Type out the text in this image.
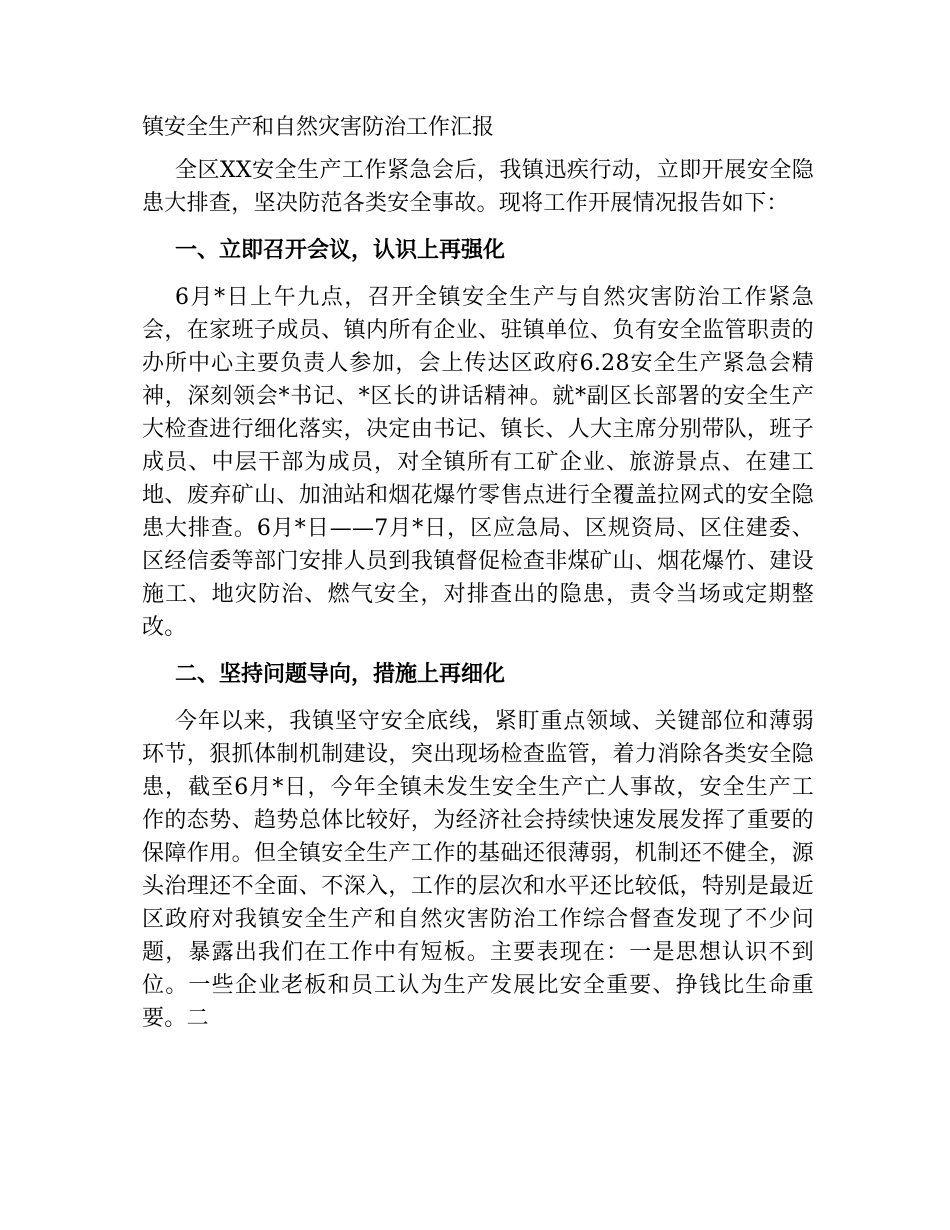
镇安全生产和自然灾害防治工作汇报

全区XX安全生产工作紧急会后，我镇迅疾行动，立即开展安全隐患大排查，坚决防范各类安全事故。现将工作开展情况报告如下：

一、立即召开会议，认识上再强化

6月*日上午九点，召开全镇安全生产与自然灾害防治工作紧急会，在家班子成员、镇内所有企业、驻镇单位、负有安全监管职责的办所中心主要负责人参加，会上传达区政府6.28安全生产紧急会精神，深刻领会*书记、*区长的讲话精神。就*副区长部署的安全生产大检查进行细化落实，决定由书记、镇长、人大主席分别带队，班子成员、中层干部为成员，对全镇所有工矿企业、旅游景点、在建工地、废弃矿山、加油站和烟花爆竹零售点进行全覆盖拉网式的安全隐患大排查。6月*日——7月*日，区应急局、区规资局、区住建委、区经信委等部门安排人员到我镇督促检查非煤矿山、烟花爆竹、建设施工、地灾防治、燃气安全，对排查出的隐患，责令当场或定期整改。

二、坚持问题导向，措施上再细化

今年以来，我镇坚守安全底线，紧盯重点领域、关键部位和薄弱环节，狠抓体制机制建设，突出现场检查监管，着力消除各类安全隐患，截至6月*日，今年全镇未发生安全生产亡人事故，安全生产工作的态势、趋势总体比较好，为经济社会持续快速发展发挥了重要的保障作用。但全镇安全生产工作的基础还很薄弱，机制还不健全，源头治理还不全面、不深入，工作的层次和水平还比较低，特别是最近区政府对我镇安全生产和自然灾害防治工作综合督查发现了不少问题，暴露出我们在工作中有短板。主要表现在：一是思想认识不到位。一些企业老板和员工认为生产发展比安全重要、挣钱比生命重要。二
